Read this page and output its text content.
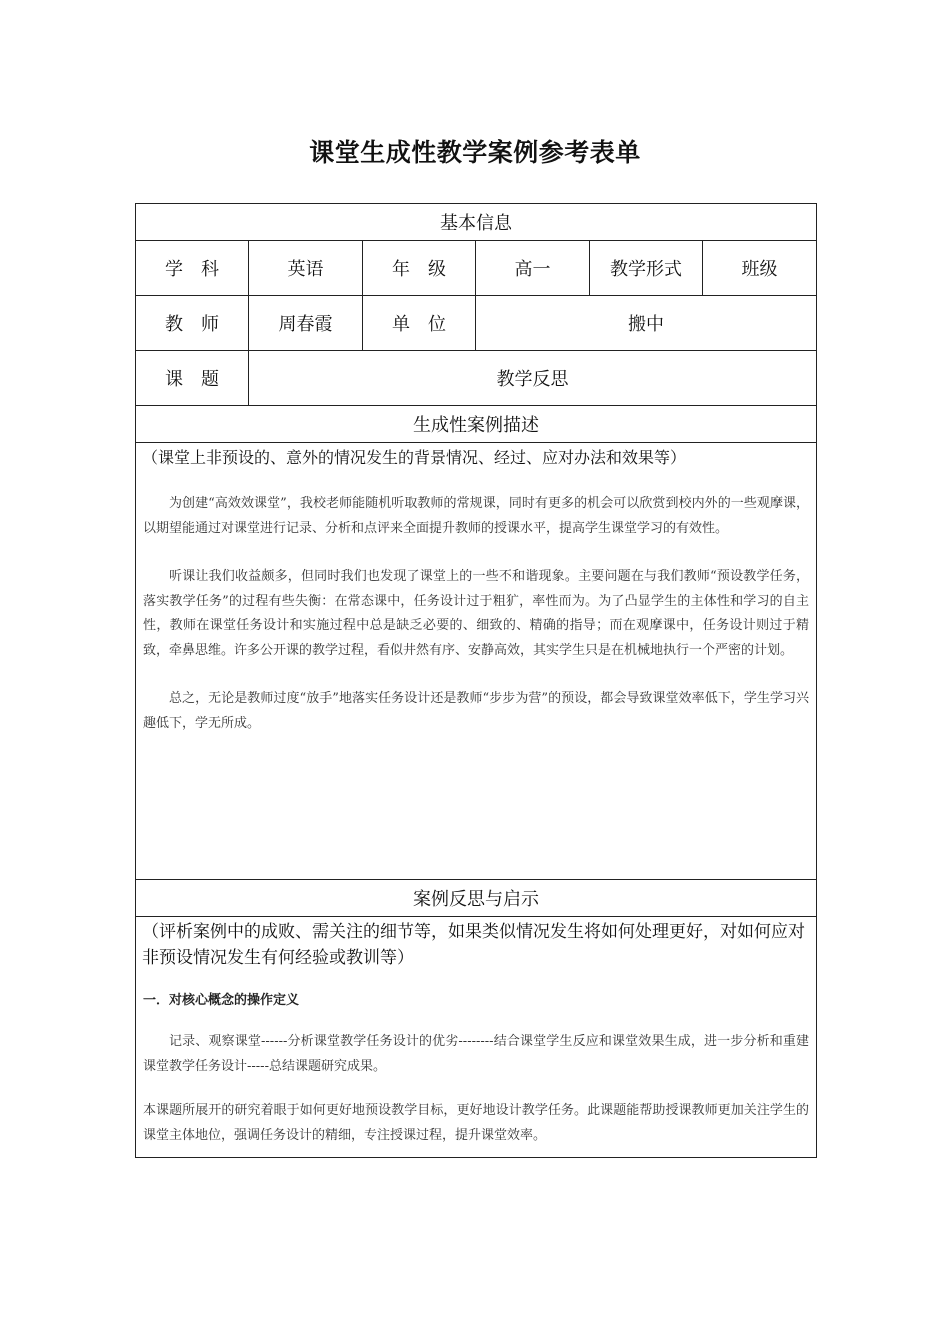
课堂生成性教学案例参考表单
基本信息					
学　科	英语	年　级	高一	教学形式	班级
教　师	周春霞	单　位	搬中		
课　题	教学反思				
生成性案例描述					

（课堂上非预设的、意外的情况发生的背景情况、经过、应对办法和效果等）
为创建“高效效课堂”，我校老师能随机听取教师的常规课，同时有更多的机会可以欣赏到校内外的一些观摩课，以期望能通过对课堂进行记录、分析和点评来全面提升教师的授课水平，提高学生课堂学习的有效性。
听课让我们收益颇多，但同时我们也发现了课堂上的一些不和谐现象。主要问题在与我们教师“预设教学任务，落实教学任务”的过程有些失衡：在常态课中，任务设计过于粗犷，率性而为。为了凸显学生的主体性和学习的自主性，教师在课堂任务设计和实施过程中总是缺乏必要的、细致的、精确的指导；而在观摩课中，任务设计则过于精致，牵鼻思维。许多公开课的教学过程，看似井然有序、安静高效，其实学生只是在机械地执行一个严密的计划。
总之，无论是教师过度“放手”地落实任务设计还是教师“步步为营”的预设，都会导致课堂效率低下，学生学习兴趣低下，学无所成。					

案例反思与启示					

（评析案例中的成败、需关注的细节等，如果类似情况发生将如何处理更好，对如何应对非预设情况发生有何经验或教训等）
一．对核心概念的操作定义
记录、观察课堂------分析课堂教学任务设计的优劣--------结合课堂学生反应和课堂效果生成，进一步分析和重建课堂教学任务设计-----总结课题研究成果。
本课题所展开的研究着眼于如何更好地预设教学目标，更好地设计教学任务。此课题能帮助授课教师更加关注学生的课堂主体地位，强调任务设计的精细，专注授课过程，提升课堂效率。					
